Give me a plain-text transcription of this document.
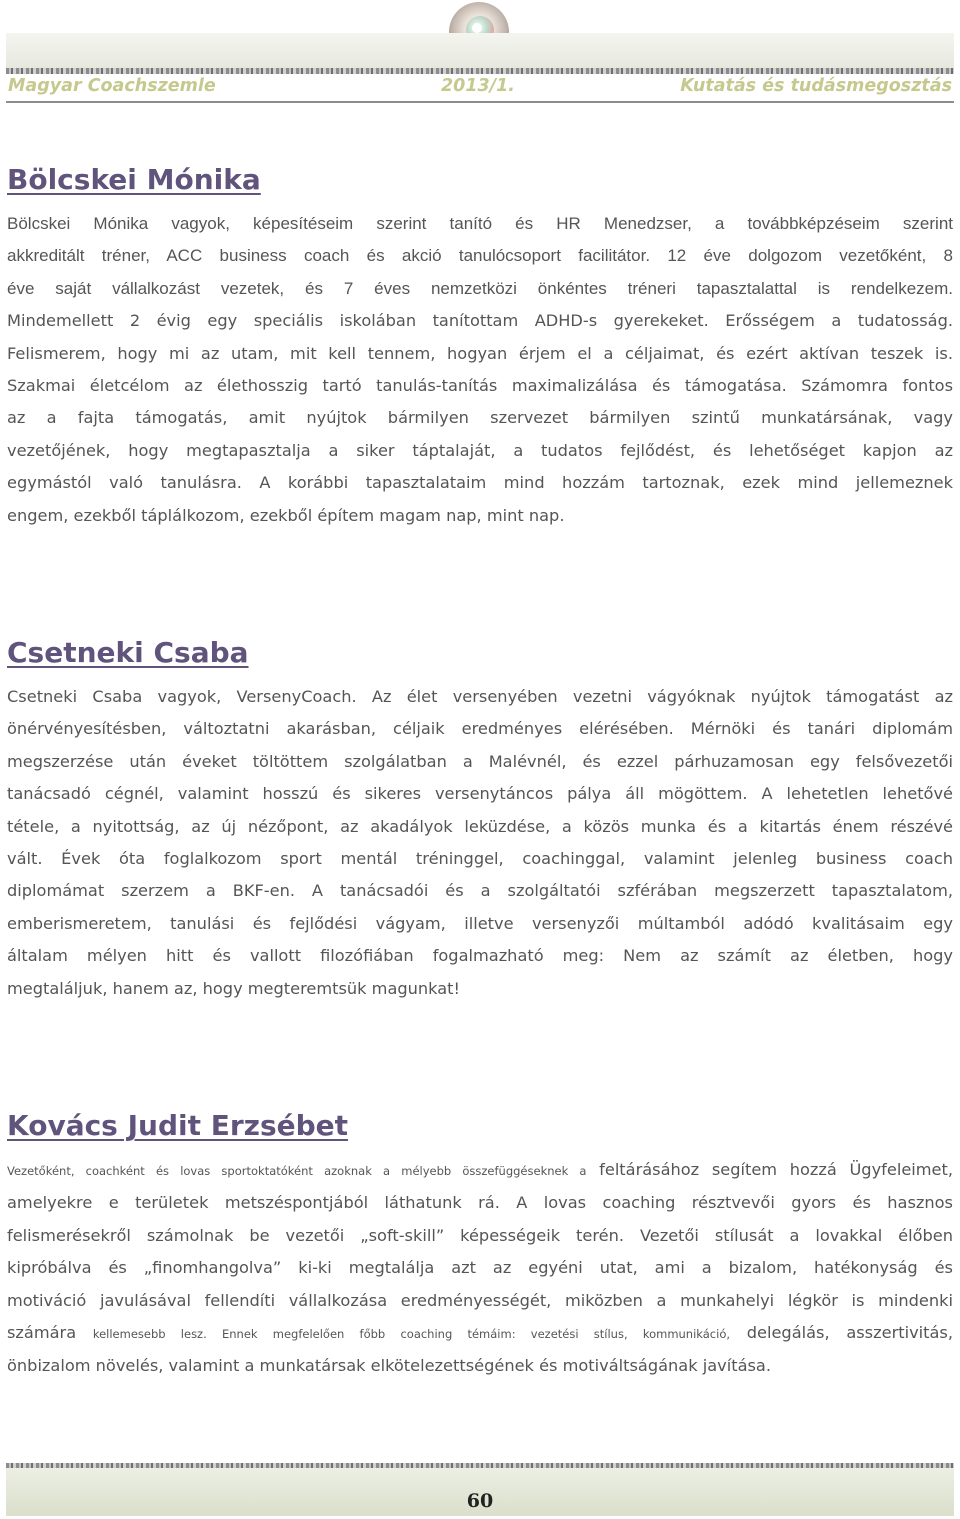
Magyar Coachszemle	2013/1.	Kutatás és tudásmegosztás
Bölcskei Mónika
Bölcskei Mónika vagyok, képesítéseim szerint tanító és HR Menedzser, a továbbképzéseim szerint
akkreditált tréner, ACC business coach és akció tanulócsoport facilitátor. 12 éve dolgozom vezetőként, 8
éve saját vállalkozást vezetek, és 7 éves nemzetközi önkéntes tréneri tapasztalattal is rendelkezem.
Mindemellett 2 évig egy speciális iskolában tanítottam ADHD-s gyerekeket. Erősségem a tudatosság.
Felismerem, hogy mi az utam, mit kell tennem, hogyan érjem el a céljaimat, és ezért aktívan teszek is.
Szakmai életcélom az élethosszig tartó tanulás-tanítás maximalizálása és támogatása. Számomra fontos
az a fajta támogatás, amit nyújtok bármilyen szervezet bármilyen szintű munkatársának, vagy
vezetőjének, hogy megtapasztalja a siker táptalaját, a tudatos fejlődést, és lehetőséget kapjon az
egymástól való tanulásra. A korábbi tapasztalataim mind hozzám tartoznak, ezek mind jellemeznek
engem, ezekből táplálkozom, ezekből építem magam nap, mint nap.
Csetneki Csaba
Csetneki Csaba vagyok, VersenyCoach. Az élet versenyében vezetni vágyóknak nyújtok támogatást az
önérvényesítésben, változtatni akarásban, céljaik eredményes elérésében. Mérnöki és tanári diplomám
megszerzése után éveket töltöttem szolgálatban a Malévnél, és ezzel párhuzamosan egy felsővezetői
tanácsadó cégnél, valamint hosszú és sikeres versenytáncos pálya áll mögöttem. A lehetetlen lehetővé
tétele, a nyitottság, az új nézőpont, az akadályok leküzdése, a közös munka és a kitartás énem részévé
vált. Évek óta foglalkozom sport mentál tréninggel, coachinggal, valamint jelenleg business coach
diplomámat szerzem a BKF-en. A tanácsadói és a szolgáltatói szférában megszerzett tapasztalatom,
emberismeretem, tanulási és fejlődési vágyam, illetve versenyzői múltamból adódó kvalitásaim egy
általam mélyen hitt és vallott filozófiában fogalmazható meg: Nem az számít az életben, hogy
megtaláljuk, hanem az, hogy megteremtsük magunkat!
Kovács Judit Erzsébet
Vezetőként, coachként és lovas sportoktatóként azoknak a mélyebb összefüggéseknek a feltárásához segítem hozzá Ügyfeleimet,
amelyekre e területek metszéspontjából láthatunk rá. A lovas coaching résztvevői gyors és hasznos
felismerésekről számolnak be vezetői „soft-skill” képességeik terén. Vezetői stílusát a lovakkal élőben
kipróbálva és „finomhangolva” ki-ki megtalálja azt az egyéni utat, ami a bizalom, hatékonyság és
motiváció javulásával fellendíti vállalkozása eredményességét, miközben a munkahelyi légkör is mindenki
számára kellemesebb lesz. Ennek megfelelően főbb coaching témáim: vezetési stílus, kommunikáció, delegálás, asszertivitás,
önbizalom növelés, valamint a munkatársak elkötelezettségének és motiváltságának javítása.
60
